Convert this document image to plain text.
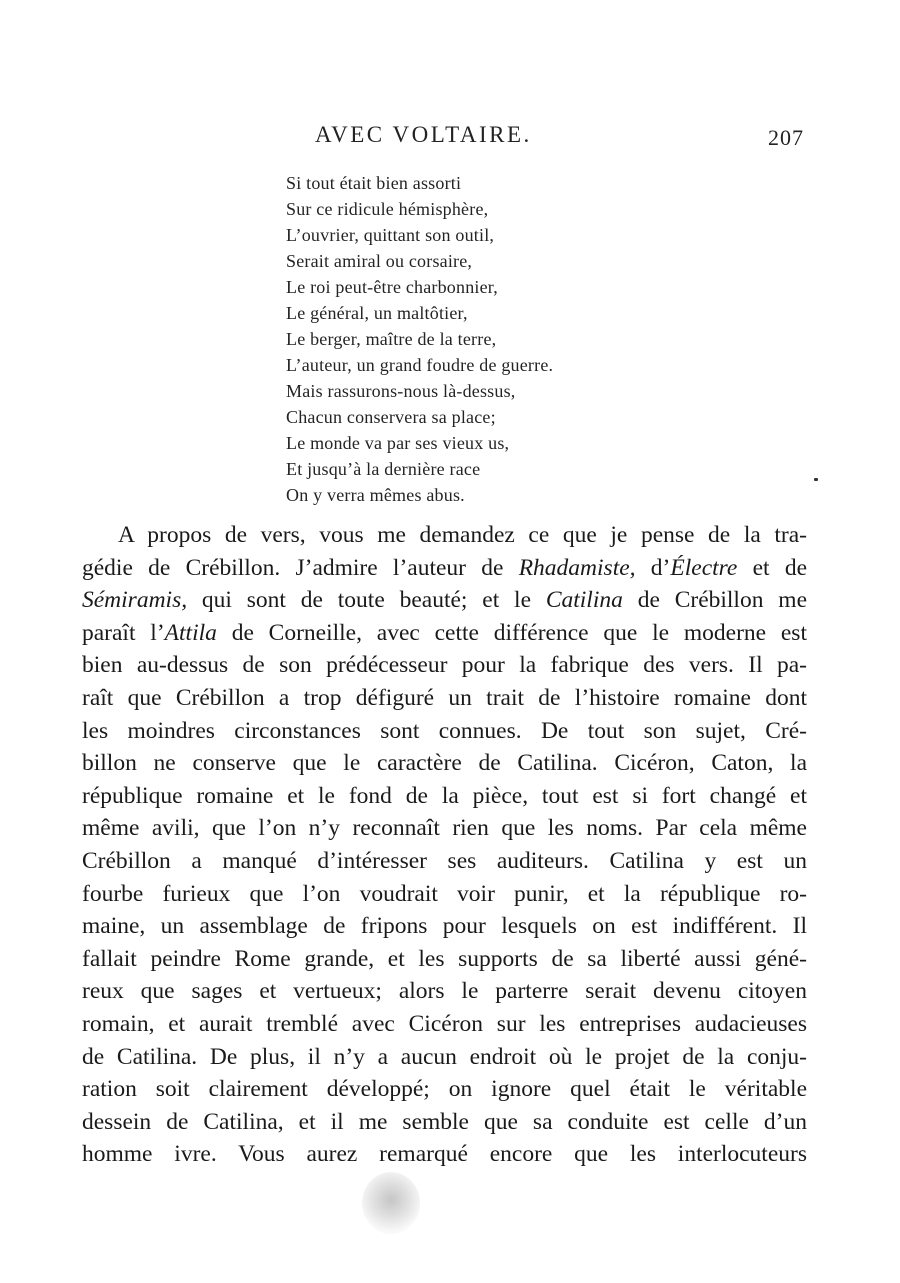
AVEC VOLTAIRE.	207
Si tout était bien assorti
Sur ce ridicule hémisphère,
L’ouvrier, quittant son outil,
Serait amiral ou corsaire,
Le roi peut-être charbonnier,
Le général, un maltôtier,
Le berger, maître de la terre,
L’auteur, un grand foudre de guerre.
Mais rassurons-nous là-dessus,
Chacun conservera sa place;
Le monde va par ses vieux us,
Et jusqu’à la dernière race
On y verra mêmes abus.
A propos de vers, vous me demandez ce que je pense de la tra-
gédie de Crébillon. J’admire l’auteur de Rhadamiste, d’Électre et de
Sémiramis, qui sont de toute beauté; et le Catilina de Crébillon me
paraît l’Attila de Corneille, avec cette différence que le moderne est
bien au-dessus de son prédécesseur pour la fabrique des vers. Il pa-
raît que Crébillon a trop défiguré un trait de l’histoire romaine dont
les moindres circonstances sont connues. De tout son sujet, Cré-
billon ne conserve que le caractère de Catilina. Cicéron, Caton, la
république romaine et le fond de la pièce, tout est si fort changé et
même avili, que l’on n’y reconnaît rien que les noms. Par cela même
Crébillon a manqué d’intéresser ses auditeurs. Catilina y est un
fourbe furieux que l’on voudrait voir punir, et la république ro-
maine, un assemblage de fripons pour lesquels on est indifférent. Il
fallait peindre Rome grande, et les supports de sa liberté aussi géné-
reux que sages et vertueux; alors le parterre serait devenu citoyen
romain, et aurait tremblé avec Cicéron sur les entreprises audacieuses
de Catilina. De plus, il n’y a aucun endroit où le projet de la conju-
ration soit clairement développé; on ignore quel était le véritable
dessein de Catilina, et il me semble que sa conduite est celle d’un
homme ivre. Vous aurez remarqué encore que les interlocuteurs
